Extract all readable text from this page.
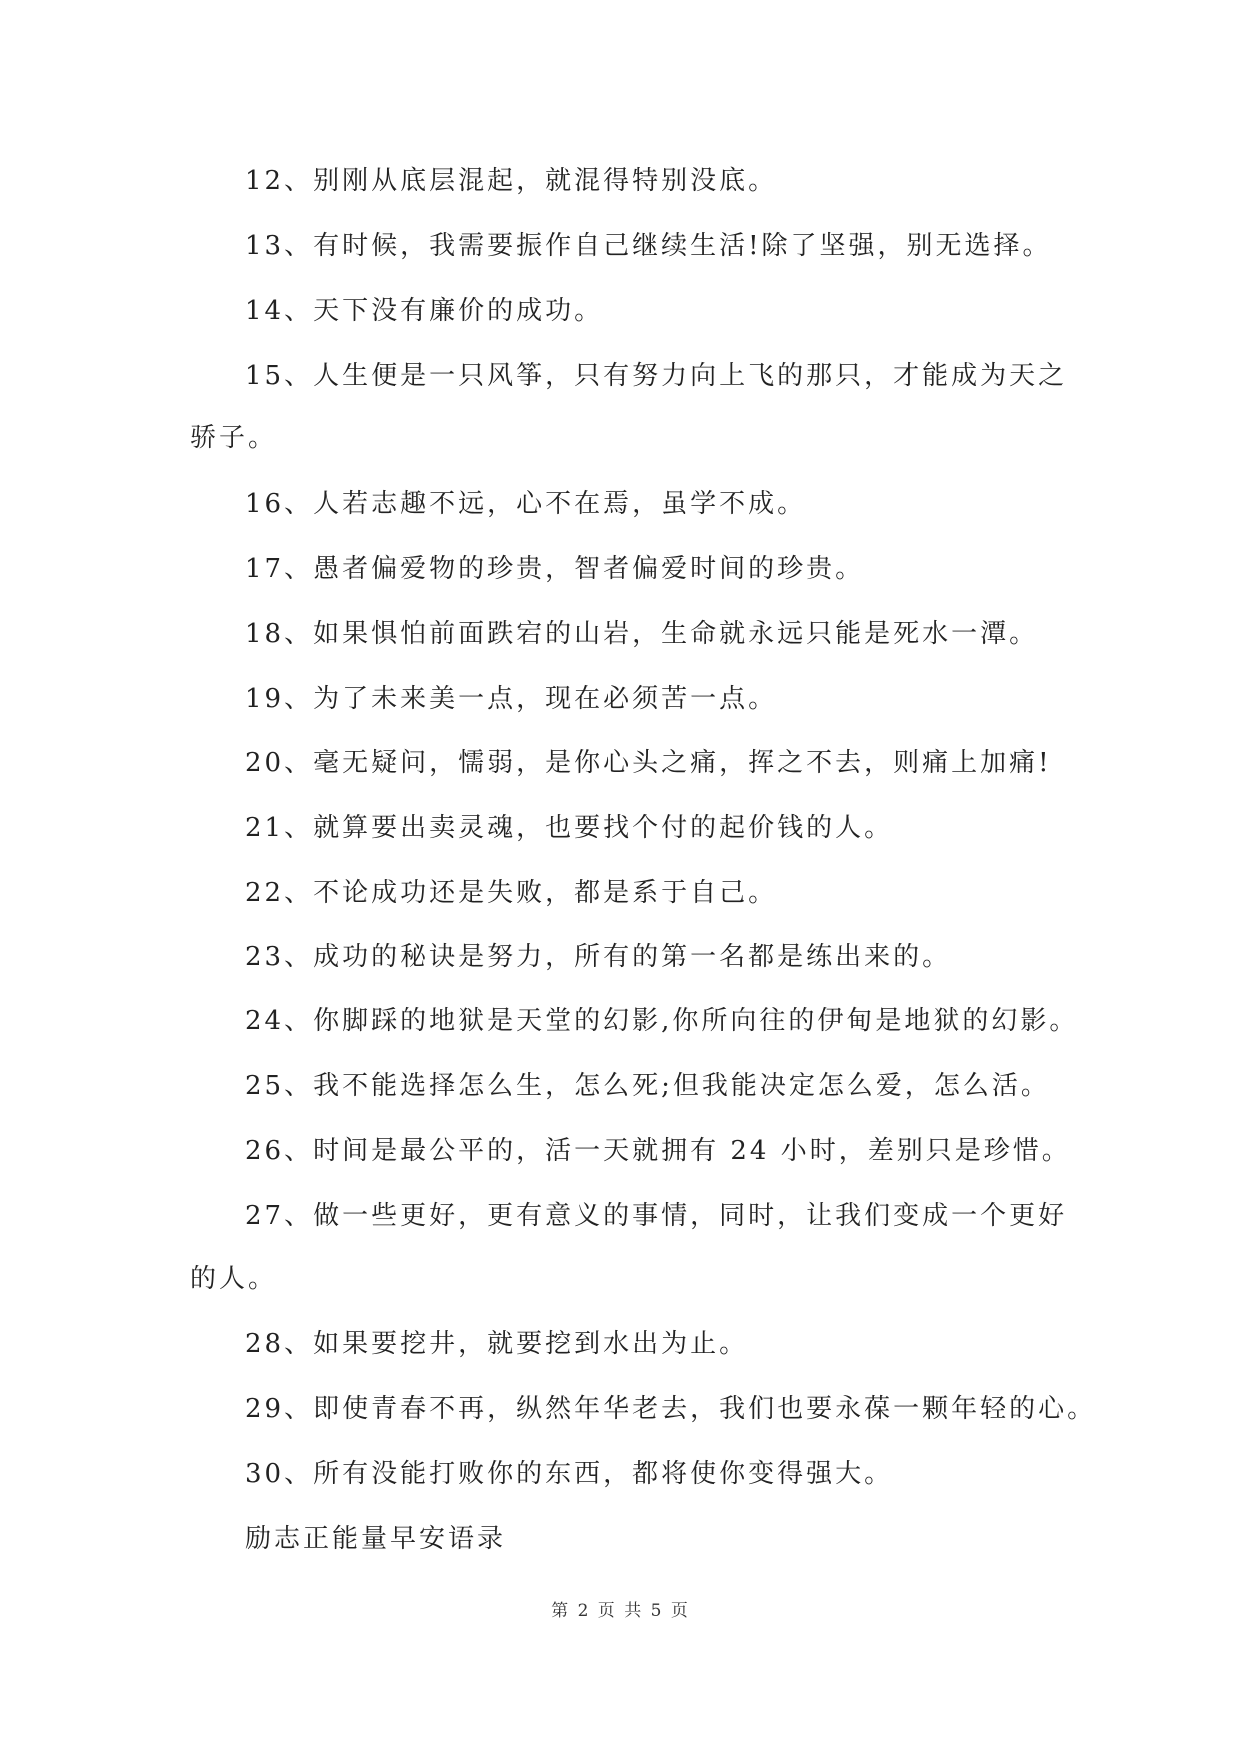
12、别刚从底层混起，就混得特别没底。
13、有时候，我需要振作自己继续生活!除了坚强，别无选择。
14、天下没有廉价的成功。
15、人生便是一只风筝，只有努力向上飞的那只，才能成为天之
骄子。
16、人若志趣不远，心不在焉，虽学不成。
17、愚者偏爱物的珍贵，智者偏爱时间的珍贵。
18、如果惧怕前面跌宕的山岩，生命就永远只能是死水一潭。
19、为了未来美一点，现在必须苦一点。
20、毫无疑问，懦弱，是你心头之痛，挥之不去，则痛上加痛!
21、就算要出卖灵魂，也要找个付的起价钱的人。
22、不论成功还是失败，都是系于自己。
23、成功的秘诀是努力，所有的第一名都是练出来的。
24、你脚踩的地狱是天堂的幻影,你所向往的伊甸是地狱的幻影。
25、我不能选择怎么生，怎么死;但我能决定怎么爱，怎么活。
26、时间是最公平的，活一天就拥有 24 小时，差别只是珍惜。
27、做一些更好，更有意义的事情，同时，让我们变成一个更好
的人。
28、如果要挖井，就要挖到水出为止。
29、即使青春不再，纵然年华老去，我们也要永葆一颗年轻的心。
30、所有没能打败你的东西，都将使你变得强大。
励志正能量早安语录
第 2 页 共 5 页
